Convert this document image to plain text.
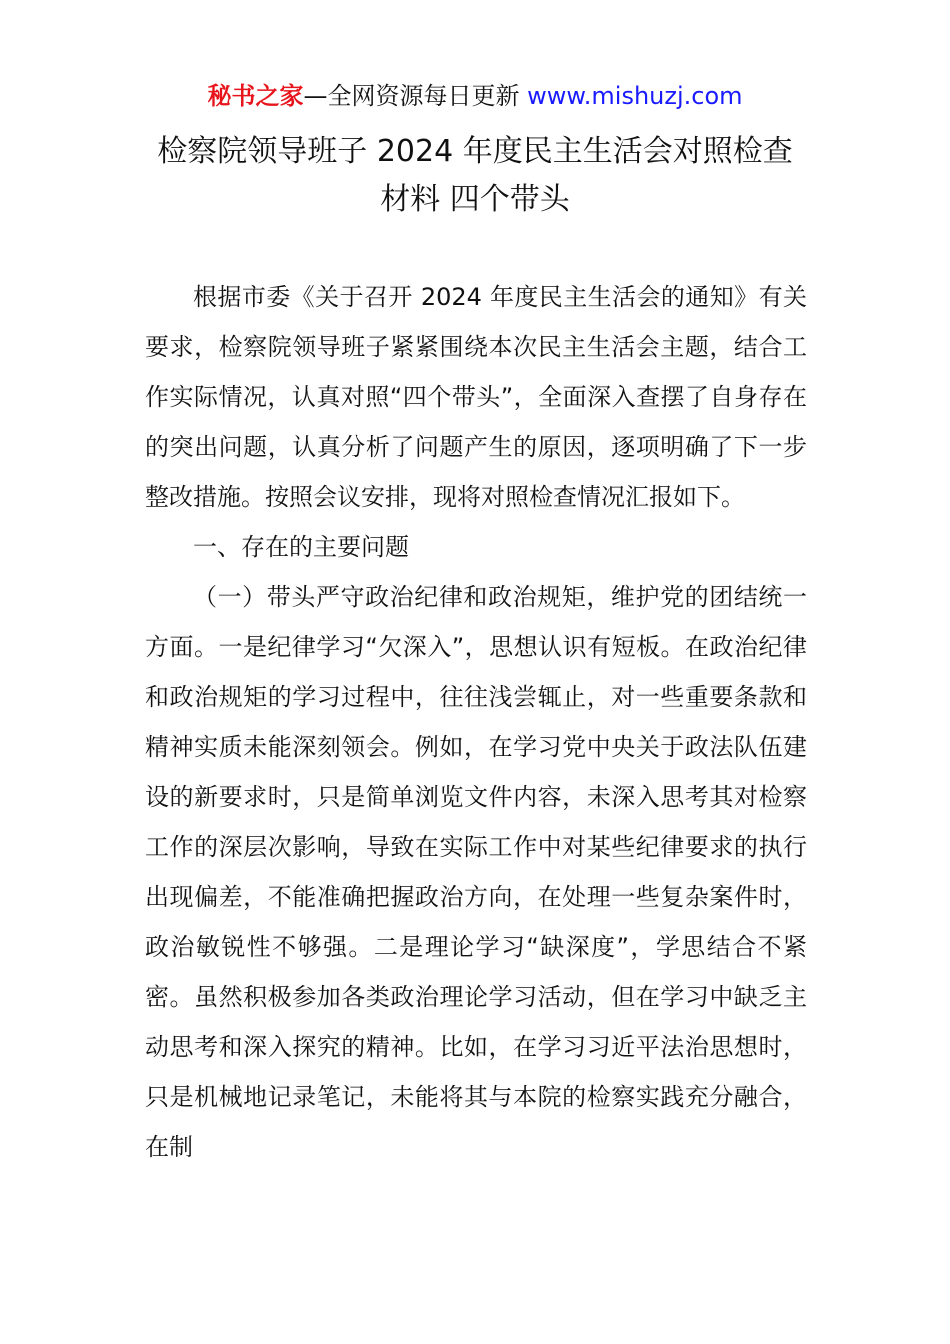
秘书之家—全网资源每日更新 www.mishuzj.com
检察院领导班子 2024 年度民主生活会对照检查
材料 四个带头

根据市委《关于召开 2024 年度民主生活会的通知》有关要求，检察院领导班子紧紧围绕本次民主生活会主题，结合工作实际情况，认真对照“四个带头”，全面深入查摆了自身存在的突出问题，认真分析了问题产生的原因，逐项明确了下一步整改措施。按照会议安排，现将对照检查情况汇报如下。

一、存在的主要问题

（一）带头严守政治纪律和政治规矩，维护党的团结统一方面。一是纪律学习“欠深入”，思想认识有短板。在政治纪律和政治规矩的学习过程中，往往浅尝辄止，对一些重要条款和精神实质未能深刻领会。例如，在学习党中央关于政法队伍建设的新要求时，只是简单浏览文件内容，未深入思考其对检察工作的深层次影响，导致在实际工作中对某些纪律要求的执行出现偏差，不能准确把握政治方向，在处理一些复杂案件时，政治敏锐性不够强。二是理论学习“缺深度”，学思结合不紧密。虽然积极参加各类政治理论学习活动，但在学习中缺乏主动思考和深入探究的精神。比如，在学习习近平法治思想时，只是机械地记录笔记，未能将其与本院的检察实践充分融合，在制
